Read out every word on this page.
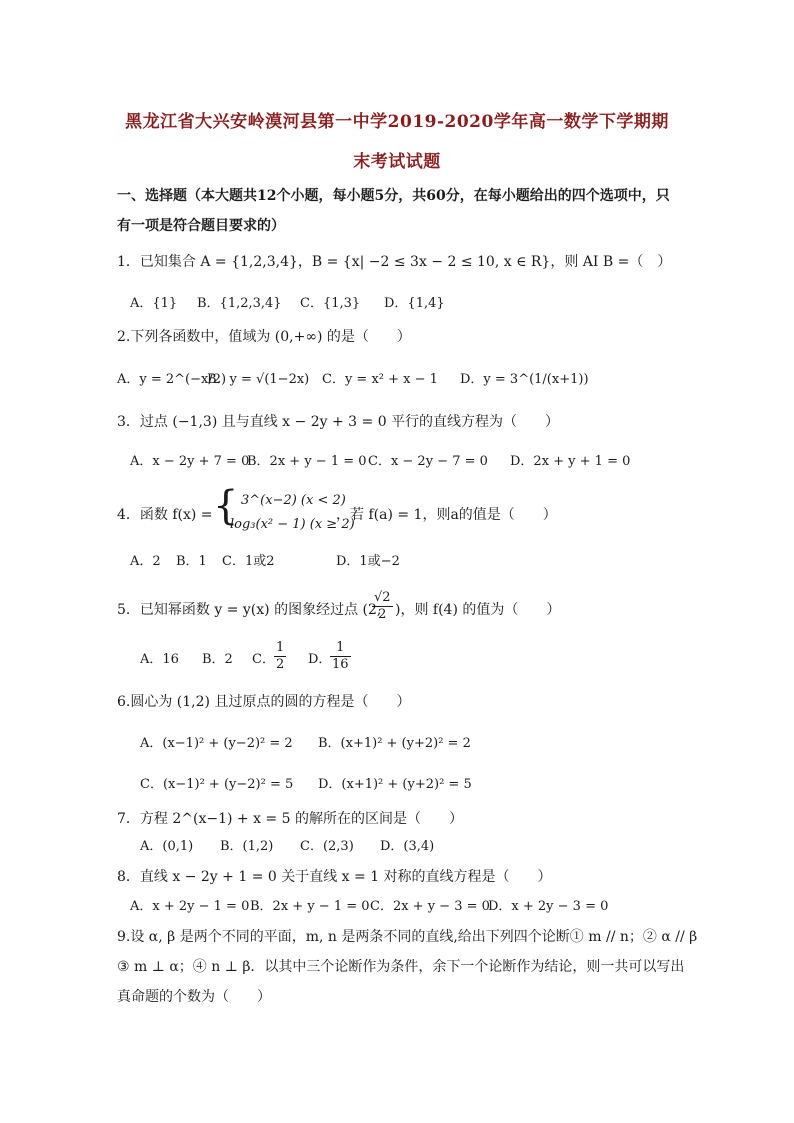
黑龙江省大兴安岭漠河县第一中学2019-2020学年高一数学下学期期
末考试试题
一、选择题（本大题共12个小题，每小题5分，共60分，在每小题给出的四个选项中，只
有一项是符合题目要求的）
1．已知集合 A = {1,2,3,4}，B = {x| −2 ≤ 3x − 2 ≤ 10, x ∈ R}，则 AI B =（　）
A．{1} B．{1,2,3,4} C．{1,3} D．{1,4}
2.下列各函数中，值域为 (0,+∞) 的是（　　）
A．y = 2^(−x/2)
B．y = √(1−2x) C．y = x² + x − 1 D．y = 3^(1/(x+1))
3．过点 (−1,3) 且与直线 x − 2y + 3 = 0 平行的直线方程为（　　）
A．x − 2y + 7 = 0
B．2x + y − 1 = 0 C．x − 2y − 7 = 0 D．2x + y + 1 = 0
4．函数 f(x) = { 3^(x−2) (x < 2)
log₃(x² − 1) (x ≥ 2)
，若 f(a) = 1，则a的值是（　　）
A．2 B．1 C．1或2	D．1或−2
5．已知幂函数 y = y(x) 的图象经过点 (2,
$\frac{√2}{2}$ )，则 f(4) 的值为（　　）
A．16 B．2 C． $\frac{1}{2}$ D．
$\frac{1}{16}$
6.圆心为 (1,2) 且过原点的圆的方程是（　　）
A．(x−1)² + (y−2)² = 2 B．(x+1)² + (y+2)² = 2
C．(x−1)² + (y−2)² = 5 D．(x+1)² + (y+2)² = 5
7．方程 2^(x−1) + x = 5 的解所在的区间是（　　）
A．(0,1) B．(1,2) C．(2,3) D．(3,4)
8．直线 x − 2y + 1 = 0 关于直线 x = 1 对称的直线方程是（　　）
A．x + 2y − 1 = 0 B．2x + y − 1 = 0 C．2x + y − 3 = 0
D．x + 2y − 3 = 0
9.设 α, β 是两个不同的平面，m, n 是两条不同的直线,给出下列四个论断① m // n；② α // β
③ m ⊥ α；④ n ⊥ β．以其中三个论断作为条件，余下一个论断作为结论，则一共可以写出
真命题的个数为（　　）
